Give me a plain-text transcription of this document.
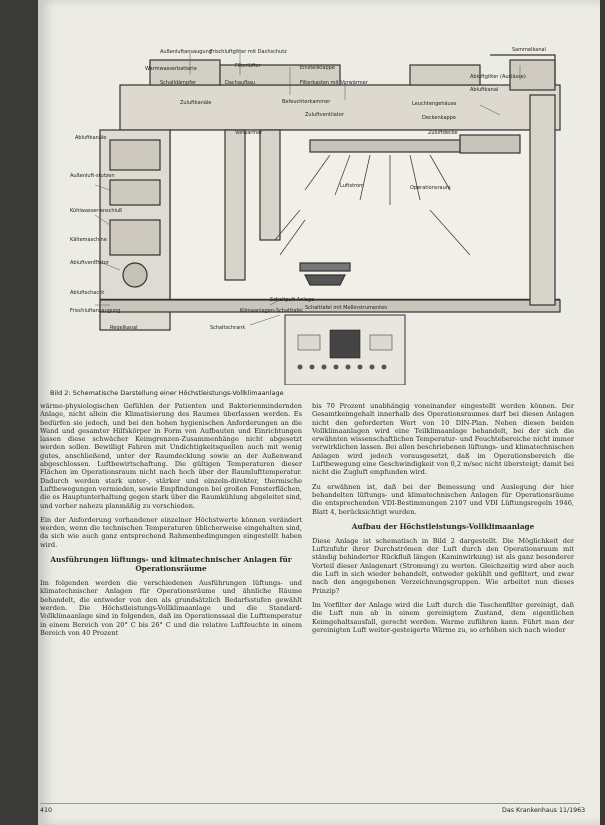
Außenluftansaugung
Frischluftgitter mit Dachschutz
Warmwasserbatterie	Filterlüfter	Einstellklappe
Schalldämpfer	Dachaufbau	Filterkasten mit Vorwärmer
Zuluftkanäle	Befeuchterkammer
Zuluftventilator
Vorwärmer
Sammelkanal
Abluftgitter (Auslässe)
Abluftkanal
Leuchtengehäuse
Deckenkappe
Zuluftdecke
Abluftkanäle
Außenluft-stutzen
Kühlwasser-anschluß
Kältemaschine
Abluftventilator
Abluftschacht
Frischluftansaugung
Luftstrom	Operationsraum
Schaltpult Anlage
Schalttafel mit Meßinstrumenten
Klimaanlagen-Schalttafel
Regelkanal	Schaltschrank
Bild 2: Schematische Darstellung einer Höchstleistungs-Vollklimaanlage

wärme-physiologischen Gefühlen der Patienten und Bakterienmindernden Anlage, nicht allein die Klimatisierung des Raumes überlassen werden. Es bedürfen sie jedoch, und bei den hohen hygienischen Anforderungen an die Wand und gesamter Hilfskörper in Form von Aufbauten und Einrichtungen lassen diese schwächer Keimgrenzen-Zusammenhänge nicht abgesetzt werden sollen. Bewilligt Fahren mit Undichtigkeitsquellen auch mit wenig gutes, anschließend, unter der Raumdecklung sowie an der Außenwand abgeschlossen. Luftbewirtschaftung. Die gültigen Temperaturen dieser Flächen im Operationsraum nicht nach hoch über der Raumlufttemperatur. Dadurch werden stark unter-, stärker und einzeln-direkter, thermische Luftbewegungen vermieden, sowie Empfindungen bei großen Fensterflächen, die es Hauptunterhaltung gegen stark über die Raumkühlung abgeleitet sind, und vorher nahezu planmäßig zu verschieden.

Ein der Anforderung vorhandener einzelner Höchstwerte können verändert werden, wenn die technischen Temperaturen üblicherweise eingehalten sind, da sich wie auch ganz entsprechend Rahmenbedingungen eingestellt haben wird.

Ausführungen lüftungs- und klimatechnischer Anlagen für Operationsräume

Im folgenden werden die verschiedenen Ausführungen lüftungs- und klimatechnischer Anlagen für Operationsräume und ähnliche Räume behandelt, die entweder von den als grundsätzlich Bedarfsstufen gewählt werden. Die Höchstleistungs-Vollklimaanlage und die Standard-Vollklimaanlage sind in folgenden, daß im Operationssaal die Lufttemperatur in einem Bereich von 20° C bis 26° C und die relative Luftfeuchte in einem Bereich von 40 Prozent

bis 70 Prozent unabhängig voneinander eingestellt werden können. Der Gesamtkeimgehalt innerhalb des Operationsraumes darf bei diesen Anlagen nicht den geforderten Wert von 10 DIN-Plan. Neben diesen beiden Vollklimaanlagen wird eine Teilklimaanlage behandelt, bei der sich die erwähnten wissenschaftlichen Temperatur- und Feuchtebereiche nicht immer verwirklichen lassen. Bei allen beschriebenen lüftungs- und klimatechnischen Anlagen wird jedoch vorausgesetzt, daß im Operationsbereich die Luftbewegung eine Geschwindigkeit von 0,2 m/sec nicht übersteigt; damit bei nicht die Zugluft empfunden wird.

Zu erwähnen ist, daß bei der Bemessung und Auslegung der hier behandelten lüftungs- und klimatechnischen Anlagen für Operationsräume die entsprechenden VDI-Bestimmungen 2107 und VDI Lüftungsregeln 1946, Blatt 4, berücksichtigt wurden.

Aufbau der Höchstleistungs-Vollklimaanlage

Diese Anlage ist schematisch in Bild 2 dargestellt. Die Möglichkeit der Luftzufuhr ihrer Durchströmen der Luft durch den Operationsraum mit ständig behinderter Rückfluß längen (Kaminwirkung) ist als ganz besonderer Vorteil dieser Anlagenart (Stromung) zu werten. Gleichzeitig wird aber auch die Luft in sich wieder behandelt, entweder gekühlt und gefiltert, und zwar nach den angegebenen Verzeichnungsgruppen. Wie arbeitet nun dieses Prinzip?

Im Vorfilter der Anlage wird die Luft durch die Taschenfilter gereinigt, daß die Luft nun ab in einem gereinigtem Zustand, dem eigentlichen Keimgehaltsausfall, gerecht werden. Warme zuführen kann. Führt man der gereinigten Luft weiter-gesteigerte Wärme zu, so erhöhen sich nach wieder

410	Das Krankenhaus 11/1963
